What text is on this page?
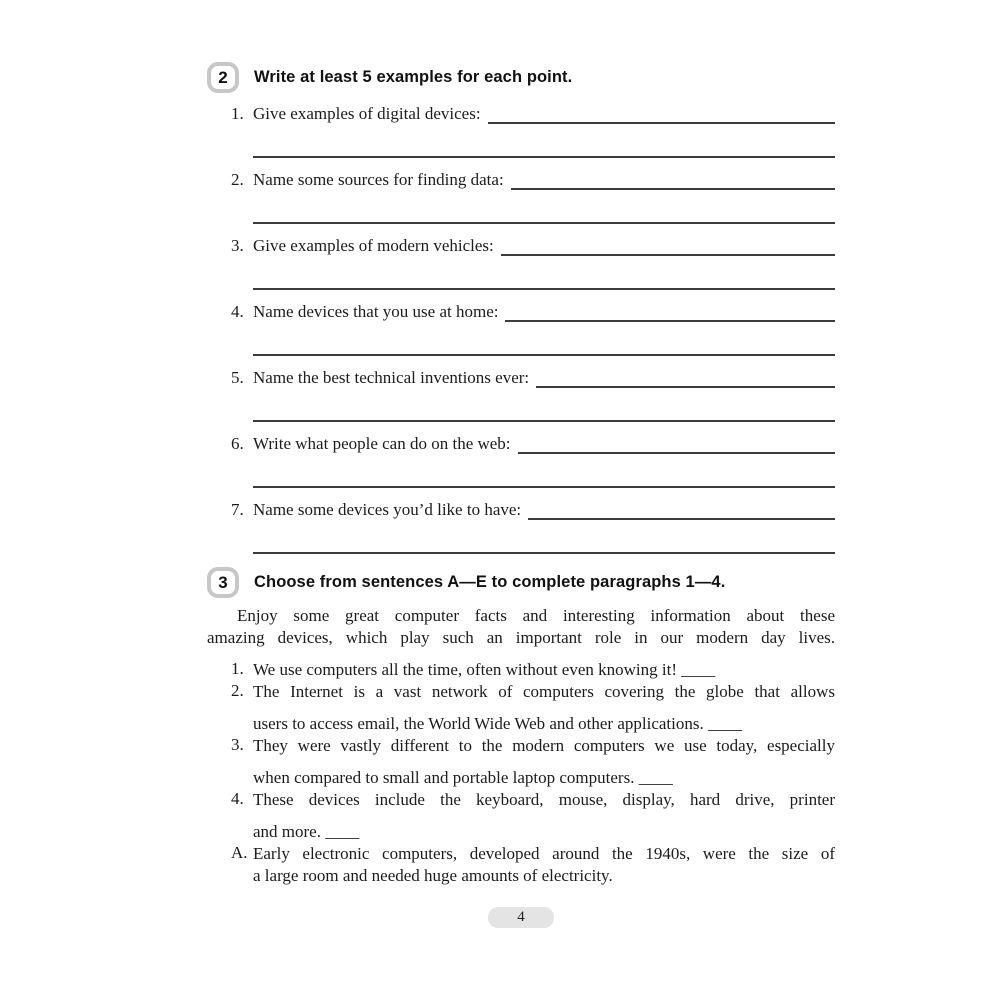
2	Write at least 5 examples for each point.
1. Give examples of digital devices:
2. Name some sources for finding data:
3. Give examples of modern vehicles:
4. Name devices that you use at home:
5. Name the best technical inventions ever:
6. Write what people can do on the web:
7. Name some devices you’d like to have:
3	Choose from sentences A—E to complete paragraphs 1—4.
Enjoy some great computer facts and interesting information about these
amazing devices, which play such an important role in our modern day lives.
1. We use computers all the time, often without even knowing it! ____
2. The Internet is a vast network of computers covering the globe that allows
users to access email, the World Wide Web and other applications. ____
3. They were vastly different to the modern computers we use today, especially
when compared to small and portable laptop computers. ____
4. These devices include the keyboard, mouse, display, hard drive, printer
and more. ____
A. Early electronic computers, developed around the 1940s, were the size of
a large room and needed huge amounts of electricity.
4
